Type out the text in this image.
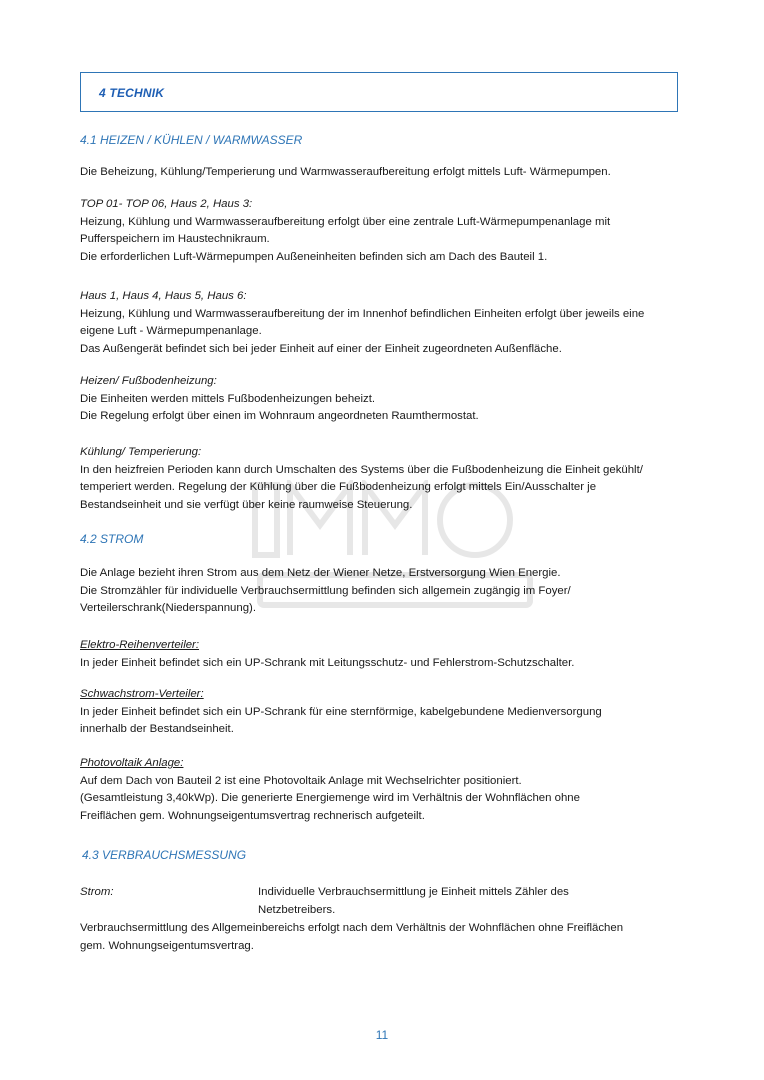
4 TECHNIK
4.1 HEIZEN / KÜHLEN / WARMWASSER
Die Beheizung, Kühlung/Temperierung und Warmwasseraufbereitung erfolgt mittels Luft- Wärmepumpen.
TOP 01- TOP 06, Haus 2, Haus 3:
Heizung, Kühlung und Warmwasseraufbereitung erfolgt über eine zentrale Luft-Wärmepumpenanlage mit
Pufferspeichern im Haustechnikraum.
Die erforderlichen Luft-Wärmepumpen Außeneinheiten befinden sich am Dach des Bauteil 1.
Haus 1, Haus 4, Haus 5, Haus 6:
Heizung, Kühlung und Warmwasseraufbereitung der im Innenhof befindlichen Einheiten erfolgt über jeweils eine
eigene Luft - Wärmepumpenanlage.
Das Außengerät befindet sich bei jeder Einheit auf einer der Einheit zugeordneten Außenfläche.
Heizen/ Fußbodenheizung:
Die Einheiten werden mittels Fußbodenheizungen beheizt.
Die Regelung erfolgt über einen im Wohnraum angeordneten Raumthermostat.
Kühlung/ Temperierung:
In den heizfreien Perioden kann durch Umschalten des Systems über die Fußbodenheizung die Einheit gekühlt/
temperiert werden. Regelung der Kühlung über die Fußbodenheizung erfolgt mittels Ein/Ausschalter je
Bestandseinheit und sie verfügt über keine raumweise Steuerung.
4.2 STROM
Die Anlage bezieht ihren Strom aus dem Netz der Wiener Netze, Erstversorgung Wien Energie.
Die Stromzähler für individuelle Verbrauchsermittlung befinden sich allgemein zugängig im Foyer/
Verteilerschrank(Niederspannung).
Elektro-Reihenverteiler:
In jeder Einheit befindet sich ein UP-Schrank mit Leitungsschutz- und Fehlerstrom-Schutzschalter.
Schwachstrom-Verteiler:
In jeder Einheit befindet sich ein UP-Schrank für eine sternförmige, kabelgebundene Medienversorgung
innerhalb der Bestandseinheit.
Photovoltaik Anlage:
Auf dem Dach von Bauteil 2 ist eine Photovoltaik Anlage mit Wechselrichter positioniert.
(Gesamtleistung 3,40kWp). Die generierte Energiemenge wird im Verhältnis der Wohnflächen ohne
Freiflächen gem. Wohnungseigentumsvertrag rechnerisch aufgeteilt.
4.3 VERBRAUCHSMESSUNG
Strom:	Individuelle Verbrauchsermittlung je Einheit mittels Zähler des
Netzbetreibers.
Verbrauchsermittlung des Allgemeinbereichs erfolgt nach dem Verhältnis der Wohnflächen ohne Freiflächen
gem. Wohnungseigentumsvertrag.
11
